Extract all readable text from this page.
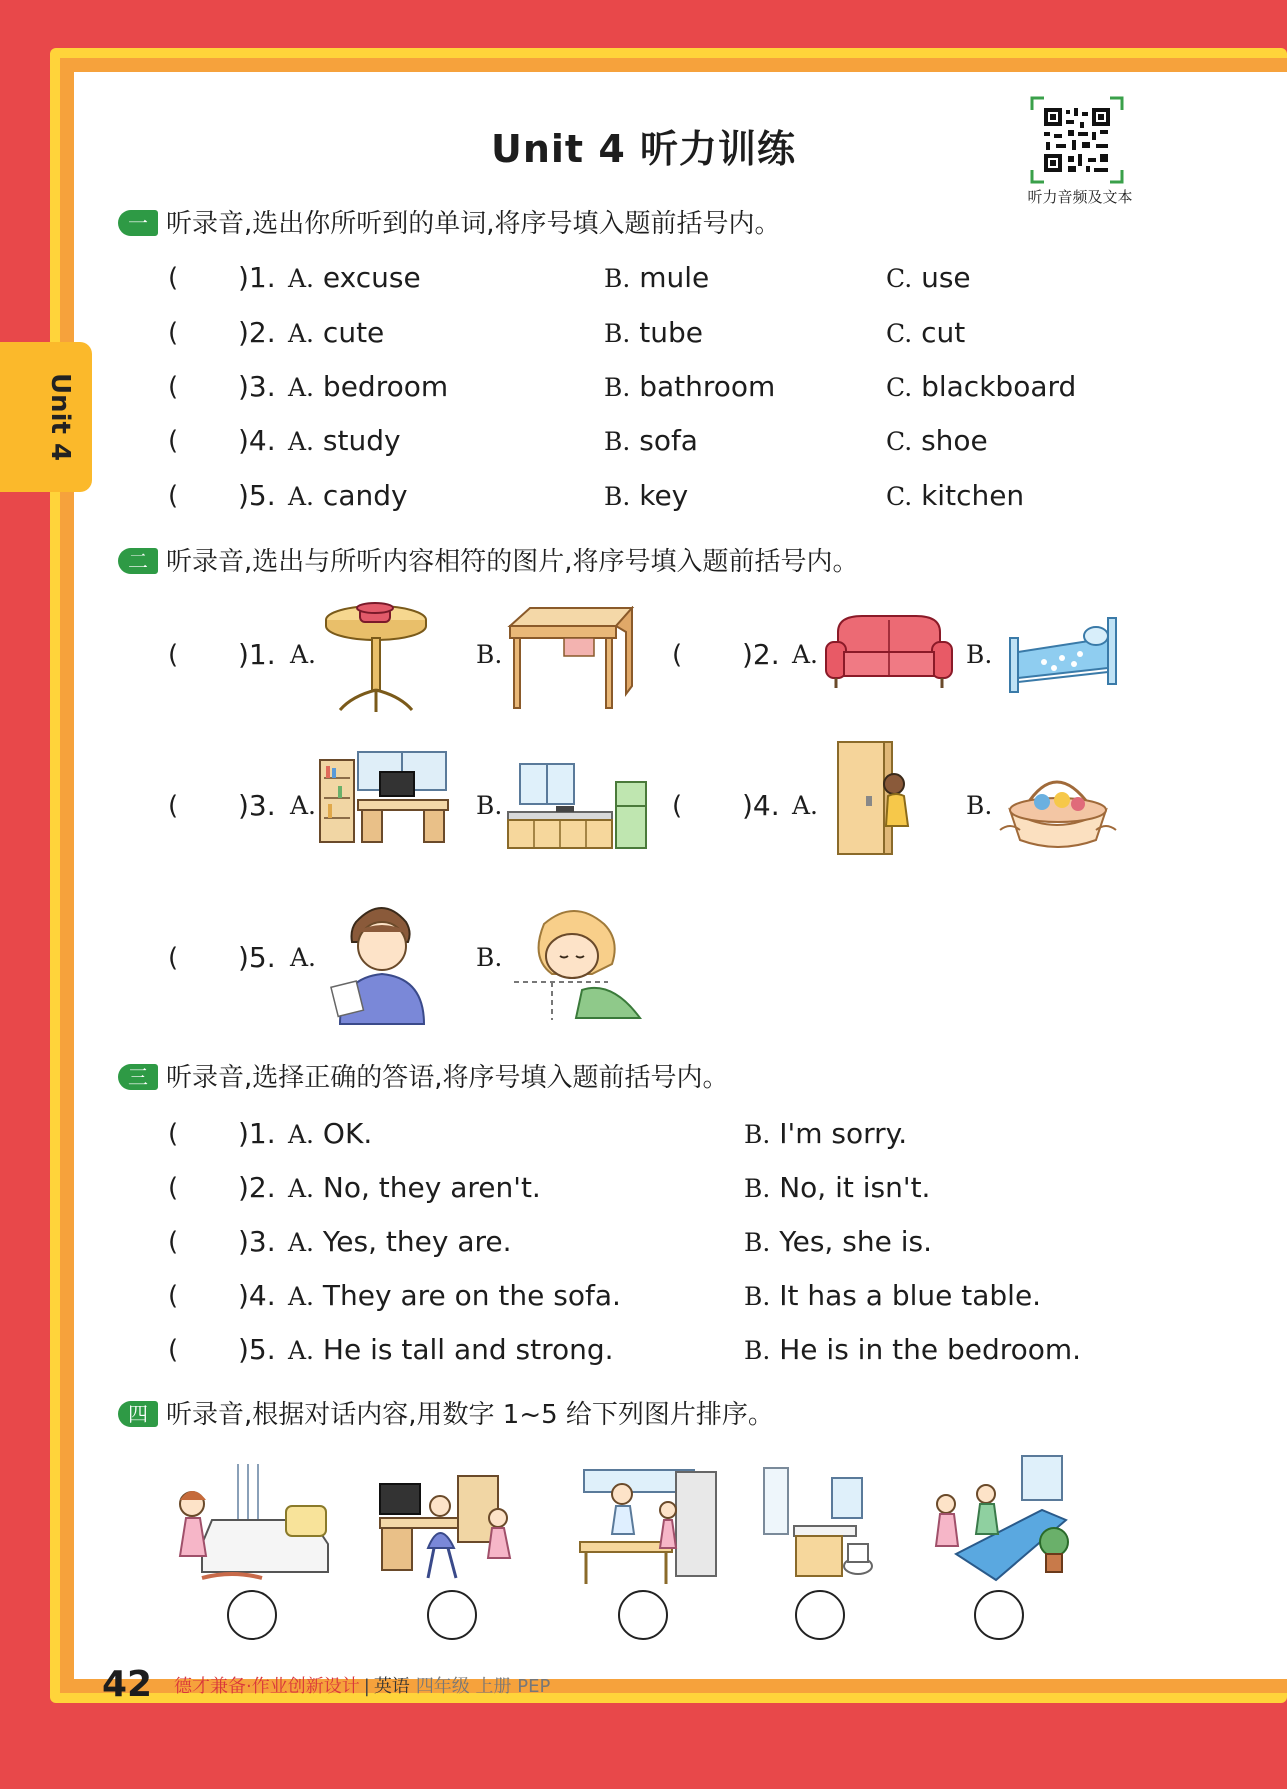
Unit 4
Unit 4 听力训练
听力音频及文本
一 听录音,选出你所听到的单词,将序号填入题前括号内。
( )1. A. excuse	B. mule	C. use
( )2. A. cute	B. tube	C. cut
( )3. A. bedroom	B. bathroom	C. blackboard
( )4. A. study	B. sofa	C. shoe
( )5. A. candy	B. key	C. kitchen
二 听录音,选出与所听内容相符的图片,将序号填入题前括号内。
( )1. A.	B.	( )2. A.	B.
( )3. A.	B.	( )4. A.	B.
( )5. A.	B.
三 听录音,选择正确的答语,将序号填入题前括号内。
( )1. A. OK.	B. I'm sorry.
( )2. A. No, they aren't.	B. No, it isn't.
( )3. A. Yes, they are.	B. Yes, she is.
( )4. A. They are on the sofa.	B. It has a blue table.
( )5. A. He is tall and strong.	B. He is in the bedroom.
四 听录音,根据对话内容,用数字 1~5 给下列图片排序。
42 德才兼备·作业创新设计 | 英语 四年级 上册 PEP
